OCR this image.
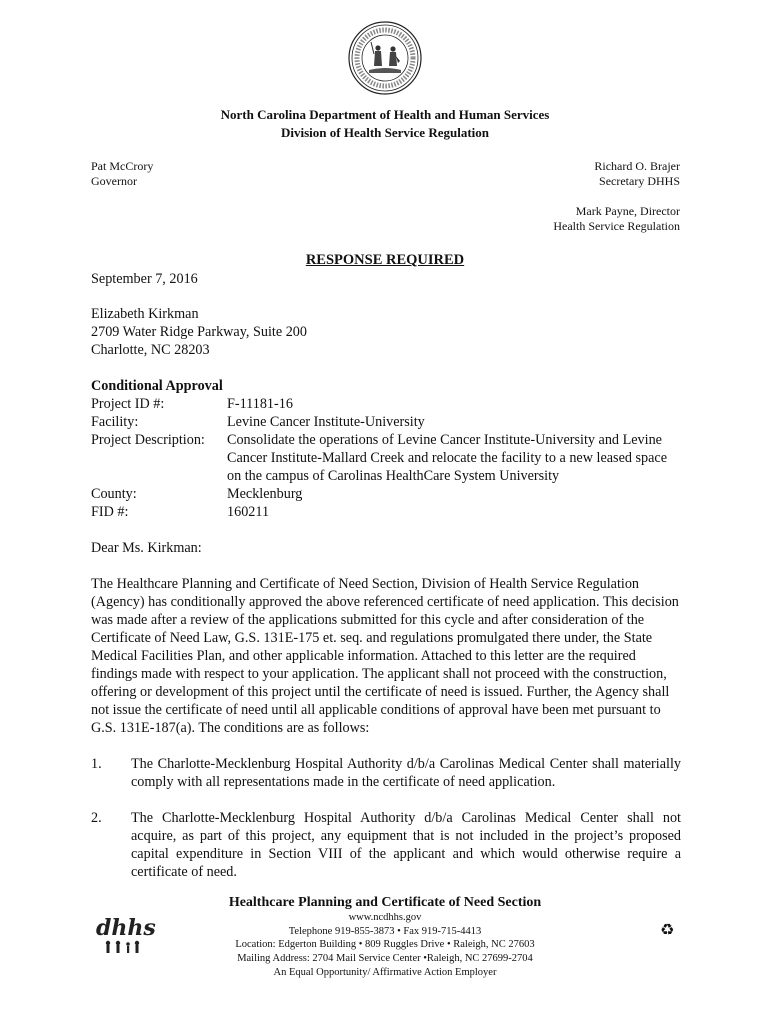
North Carolina Department of Health and Human Services
Division of Health Service Regulation
Pat McCrory
Governor
Richard O. Brajer
Secretary DHHS
Mark Payne, Director
Health Service Regulation
RESPONSE REQUIRED
September 7, 2016
Elizabeth Kirkman
2709 Water Ridge Parkway, Suite 200
Charlotte, NC 28203
Conditional Approval
Project ID #:	F-11181-16
Facility:	Levine Cancer Institute-University
Project Description:	Consolidate the operations of Levine Cancer Institute-University and Levine Cancer Institute-Mallard Creek and relocate the facility to a new leased space on the campus of Carolinas HealthCare System University
County:	Mecklenburg
FID #:	160211
Dear Ms. Kirkman:
The Healthcare Planning and Certificate of Need Section, Division of Health Service Regulation (Agency) has conditionally approved the above referenced certificate of need application. This decision was made after a review of the applications submitted for this cycle and after consideration of the Certificate of Need Law, G.S. 131E-175 et. seq. and regulations promulgated there under, the State Medical Facilities Plan, and other applicable information. Attached to this letter are the required findings made with respect to your application. The applicant shall not proceed with the construction, offering or development of this project until the certificate of need is issued. Further, the Agency shall not issue the certificate of need until all applicable conditions of approval have been met pursuant to G.S. 131E-187(a). The conditions are as follows:
1.	The Charlotte-Mecklenburg Hospital Authority d/b/a Carolinas Medical Center shall materially comply with all representations made in the certificate of need application.
2.	The Charlotte-Mecklenburg Hospital Authority d/b/a Carolinas Medical Center shall not acquire, as part of this project, any equipment that is not included in the project’s proposed capital expenditure in Section VIII of the applicant and which would otherwise require a certificate of need.
Healthcare Planning and Certificate of Need Section
dhhs	www.ncdhhs.gov
Telephone 919-855-3873 • Fax 919-715-4413
Location: Edgerton Building • 809 Ruggles Drive • Raleigh, NC 27603
Mailing Address: 2704 Mail Service Center •Raleigh, NC 27699-2704
An Equal Opportunity/ Affirmative Action Employer
♻
